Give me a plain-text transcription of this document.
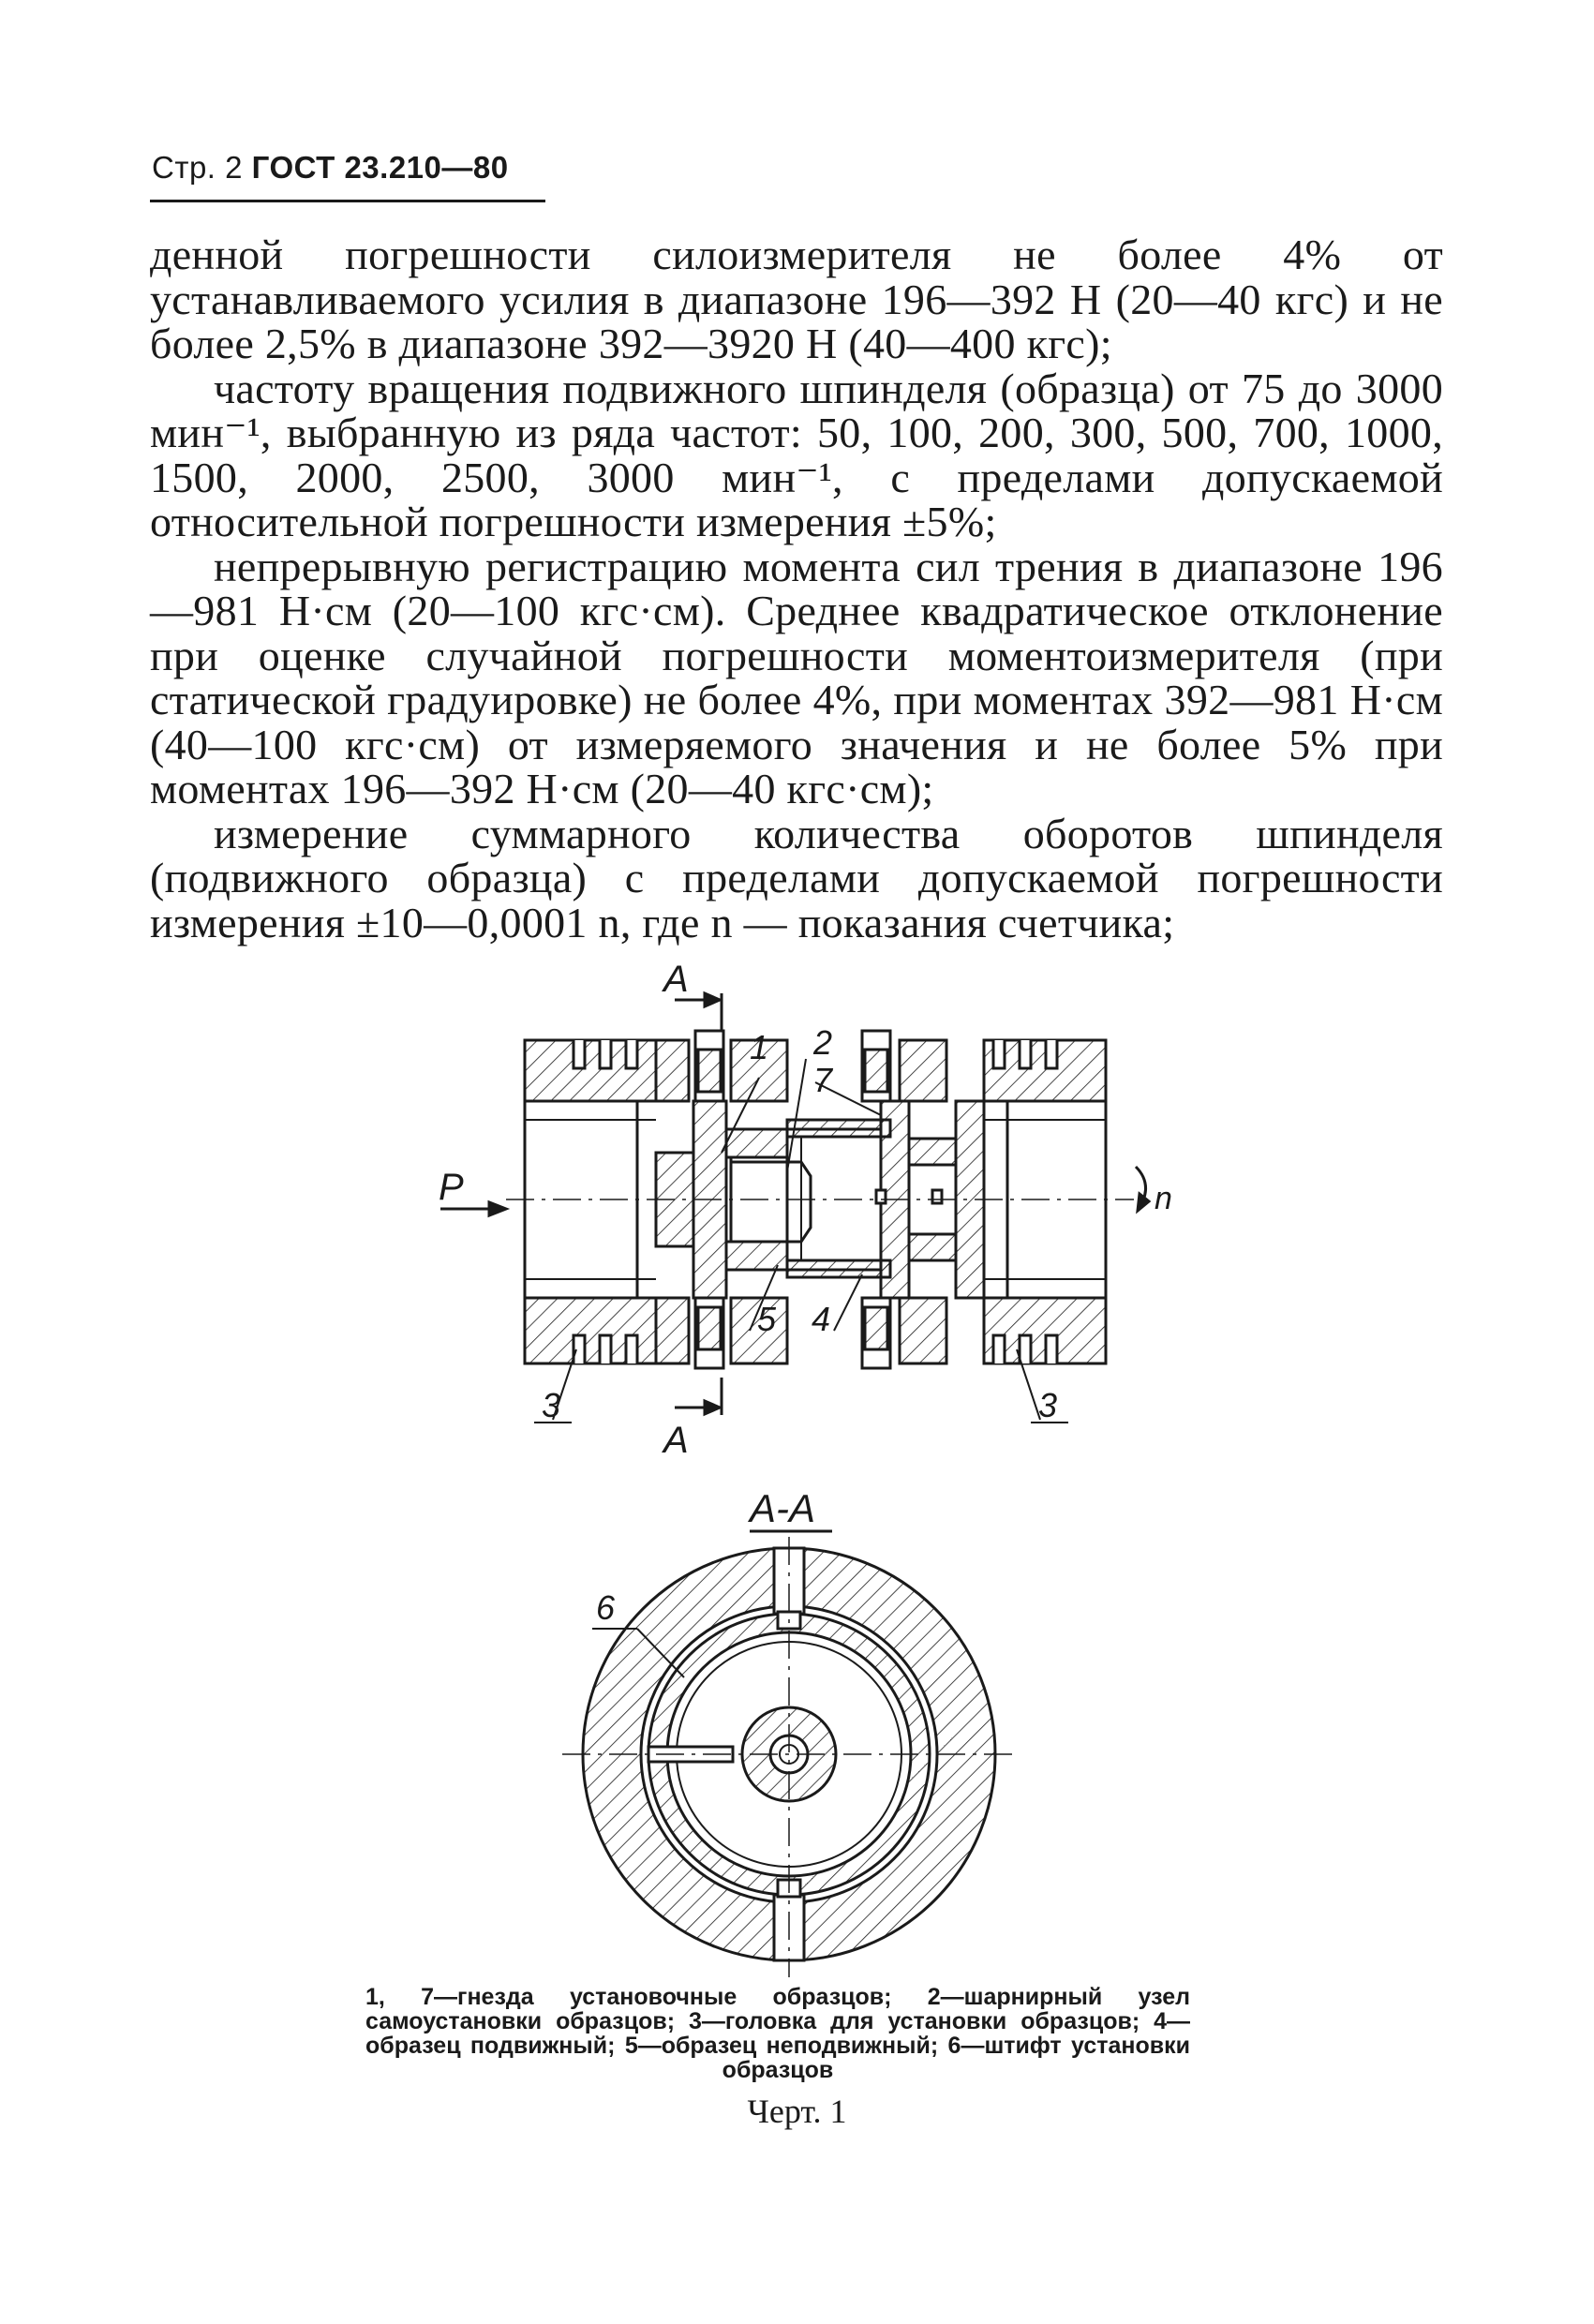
Стр. 2 ГОСТ 23.210—80

денной погрешности силоизмерителя не более 4% от устанавливаемого усилия в диапазоне 196—392 Н (20—40 кгс) и не более 2,5% в диапазоне 392—3920 Н (40—400 кгс);

частоту вращения подвижного шпинделя (образца) от 75 до 3000 мин⁻¹, выбранную из ряда частот: 50, 100, 200, 300, 500, 700, 1000, 1500, 2000, 2500, 3000 мин⁻¹, с пределами допускаемой относительной погрешности измерения ±5%;

непрерывную регистрацию момента сил трения в диапазоне 196—981 Н·см (20—100 кгс·см). Среднее квадратическое отклонение при оценке случайной погрешности моментоизмерителя (при статической градуировке) не более 4%, при моментах 392—981 Н·см (40—100 кгс·см) от измеряемого значения и не более 5% при моментах 196—392 Н·см (20—40 кгс·см);

измерение суммарного количества оборотов шпинделя (подвижного образца) с пределами допускаемой погрешности измерения ±10—0,0001 n, где n — показания счетчика;

P	n
A
A
1 2
7
5 4
3	3
А-А
6
1, 7—гнезда установочные образцов; 2—шарнирный узел самоустановки образцов; 3—головка для установки образцов; 4—образец подвижный; 5—образец неподвижный; 6—штифт установки образцов
Черт. 1
